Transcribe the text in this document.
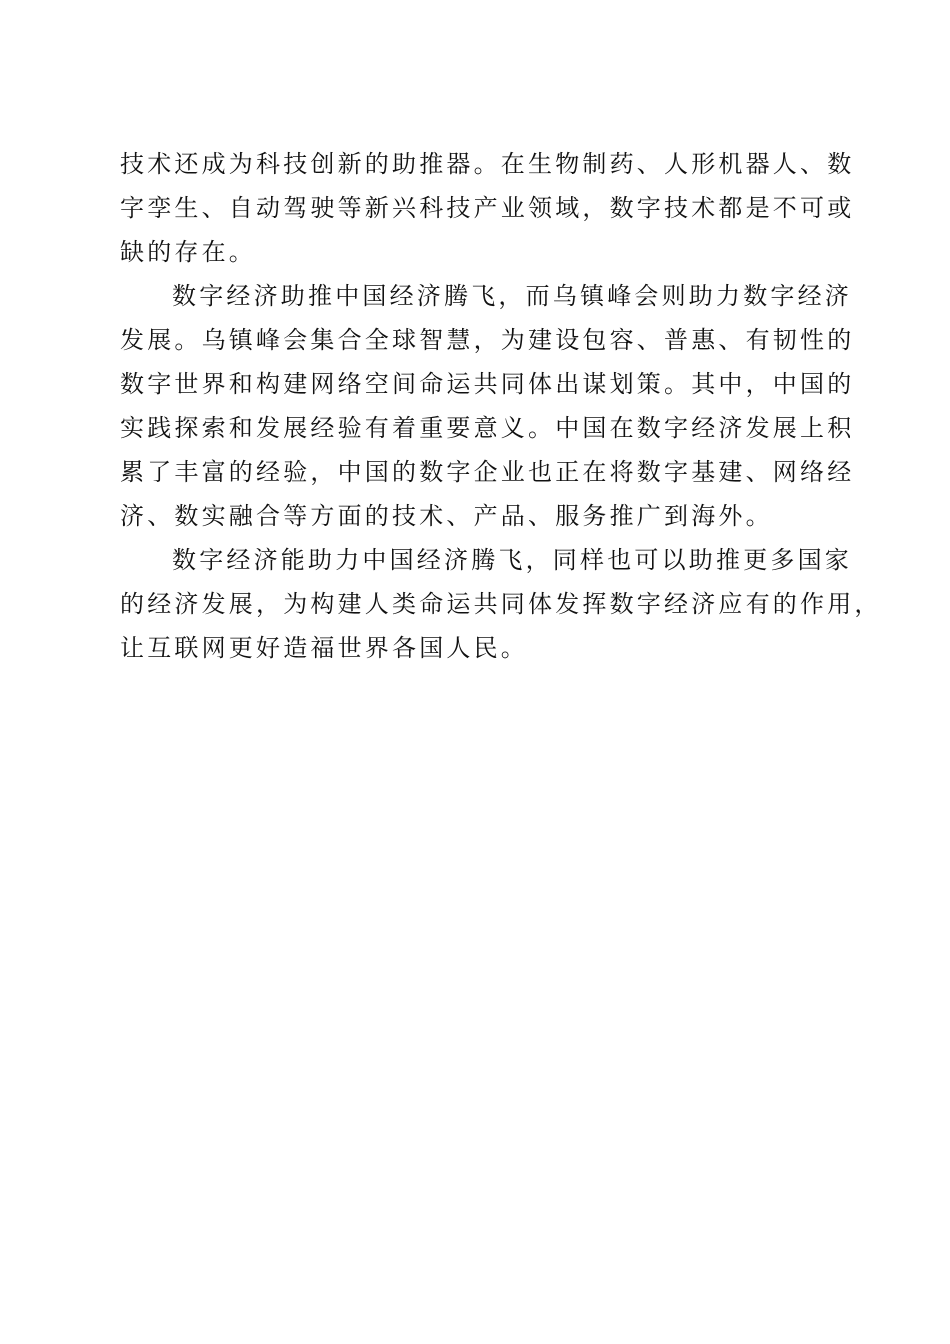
技术还成为科技创新的助推器。在生物制药、人形机器人、数
字孪生、自动驾驶等新兴科技产业领域，数字技术都是不可或
缺的存在。
数字经济助推中国经济腾飞，而乌镇峰会则助力数字经济
发展。乌镇峰会集合全球智慧，为建设包容、普惠、有韧性的
数字世界和构建网络空间命运共同体出谋划策。其中，中国的
实践探索和发展经验有着重要意义。中国在数字经济发展上积
累了丰富的经验，中国的数字企业也正在将数字基建、网络经
济、数实融合等方面的技术、产品、服务推广到海外。
数字经济能助力中国经济腾飞，同样也可以助推更多国家
的经济发展，为构建人类命运共同体发挥数字经济应有的作用，
让互联网更好造福世界各国人民。
